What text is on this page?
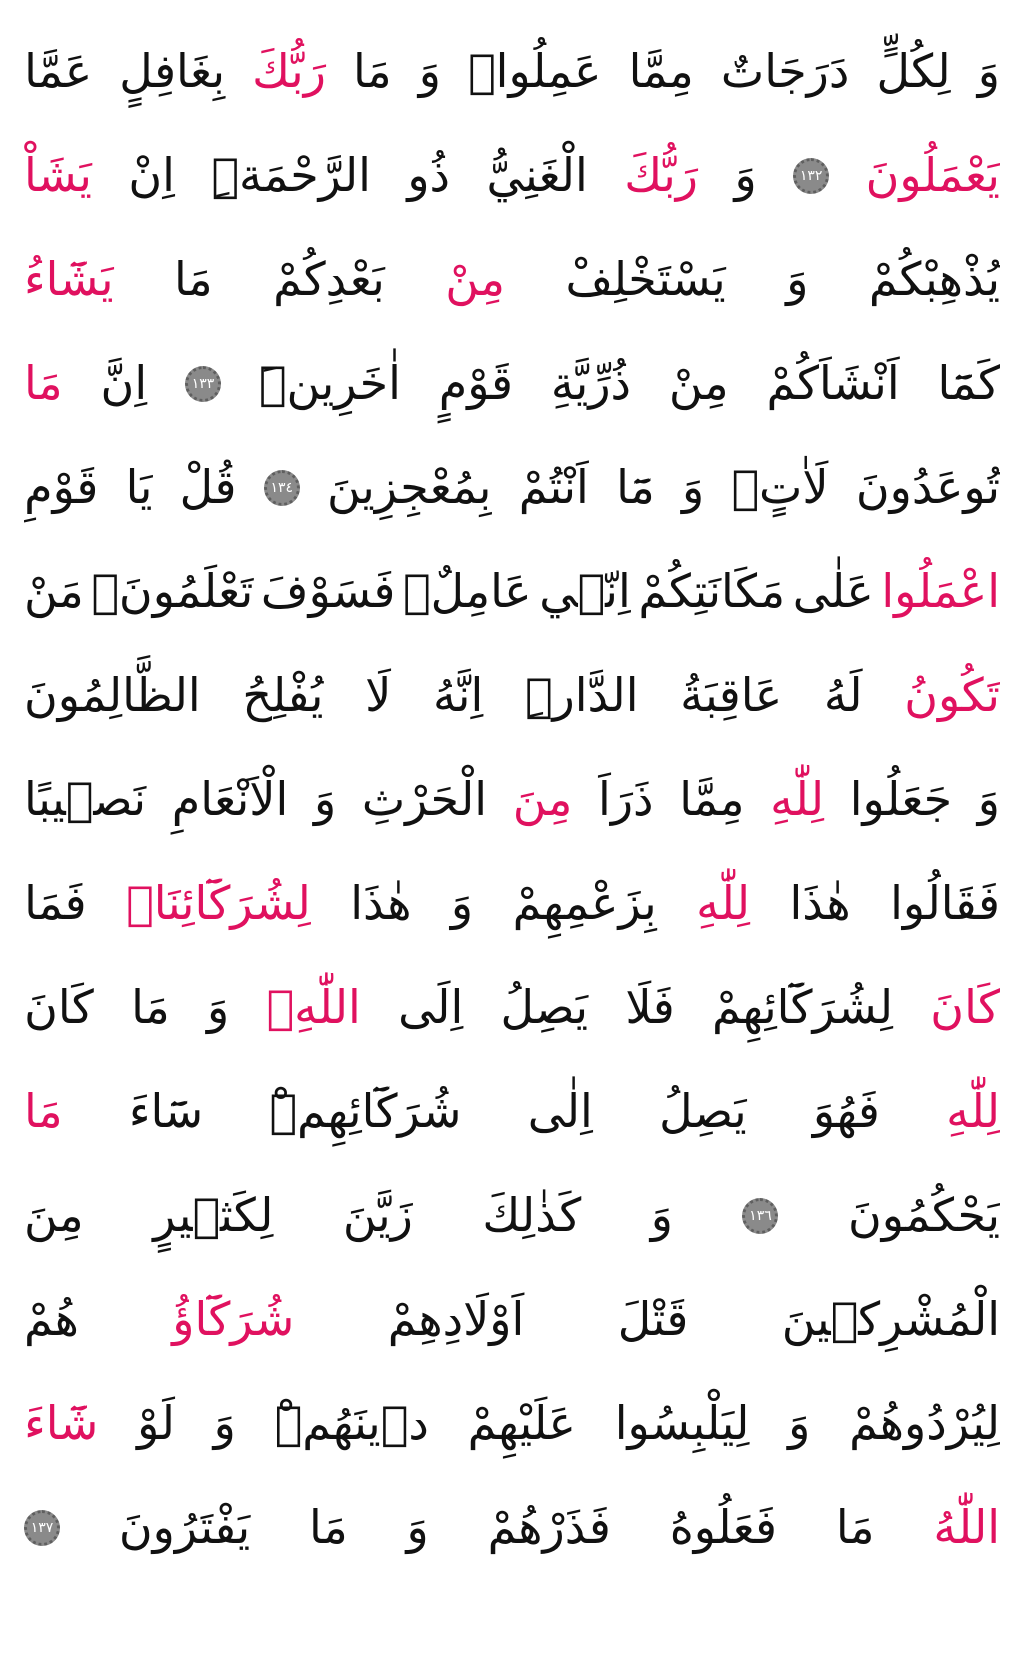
وَ
لِكُلٍّ
دَرَجَاتٌ
مِمَّا
عَمِلُواۜ
وَ
مَا
رَبُّكَ
بِغَافِلٍ
عَمَّا
يَعْمَلُونَ
١٣٢
وَ
رَبُّكَ
الْغَنِيُّ
ذُو
الرَّحْمَةِۜ
اِنْ
يَشَاْ
يُذْهِبْكُمْ
وَ
يَسْتَخْلِفْ
مِنْ
بَعْدِكُمْ
مَا
يَشَٓاءُ
كَمَٓا
اَنْشَاَكُمْ
مِنْ
ذُرِّيَّةِ
قَوْمٍ
اٰخَرِينَۜ
١٣٣
اِنَّ
مَا
تُوعَدُونَ
لَاٰتٍۙ
وَ
مَٓا
اَنْتُمْ
بِمُعْجِزِينَ
١٣٤
قُلْ
يَا
قَوْمِ
اعْمَلُوا
عَلٰى
مَكَانَتِكُمْ
اِنّ۪ي
عَامِلٌۚ
فَسَوْفَ
تَعْلَمُونَۙ
مَنْ
تَكُونُ
لَهُ
عَاقِبَةُ
الدَّارِۜ
اِنَّهُ
لَا
يُفْلِحُ
الظَّالِمُونَ
وَ
جَعَلُوا
لِلّٰهِ
مِمَّا
ذَرَاَ
مِنَ
الْحَرْثِ
وَ
الْاَنْعَامِ
نَص۪يبًا
فَقَالُوا
هٰذَا
لِلّٰهِ
بِزَعْمِهِمْ
وَ
هٰذَا
لِشُرَكَٓائِنَاۚ
فَمَا
كَانَ
لِشُرَكَٓائِهِمْ
فَلَا
يَصِلُ
اِلَى
اللّٰهِۚ
وَ
مَا
كَانَ
لِلّٰهِ
فَهُوَ
يَصِلُ
اِلٰى
شُرَكَٓائِهِمْۜ
سَٓاءَ
مَا
يَحْكُمُونَ
١٣٦
وَ
كَذٰلِكَ
زَيَّنَ
لِكَث۪يرٍ
مِنَ
الْمُشْرِك۪ينَ
قَتْلَ
اَوْلَادِهِمْ
شُرَكَٓاؤُ
هُمْ
لِيُرْدُوهُمْ
وَ
لِيَلْبِسُوا
عَلَيْهِمْ
د۪ينَهُمْۜ
وَ
لَوْ
شَٓاءَ
اللّٰهُ
مَا
فَعَلُوهُ
فَذَرْهُمْ
وَ
مَا
يَفْتَرُونَ
١٣٧
